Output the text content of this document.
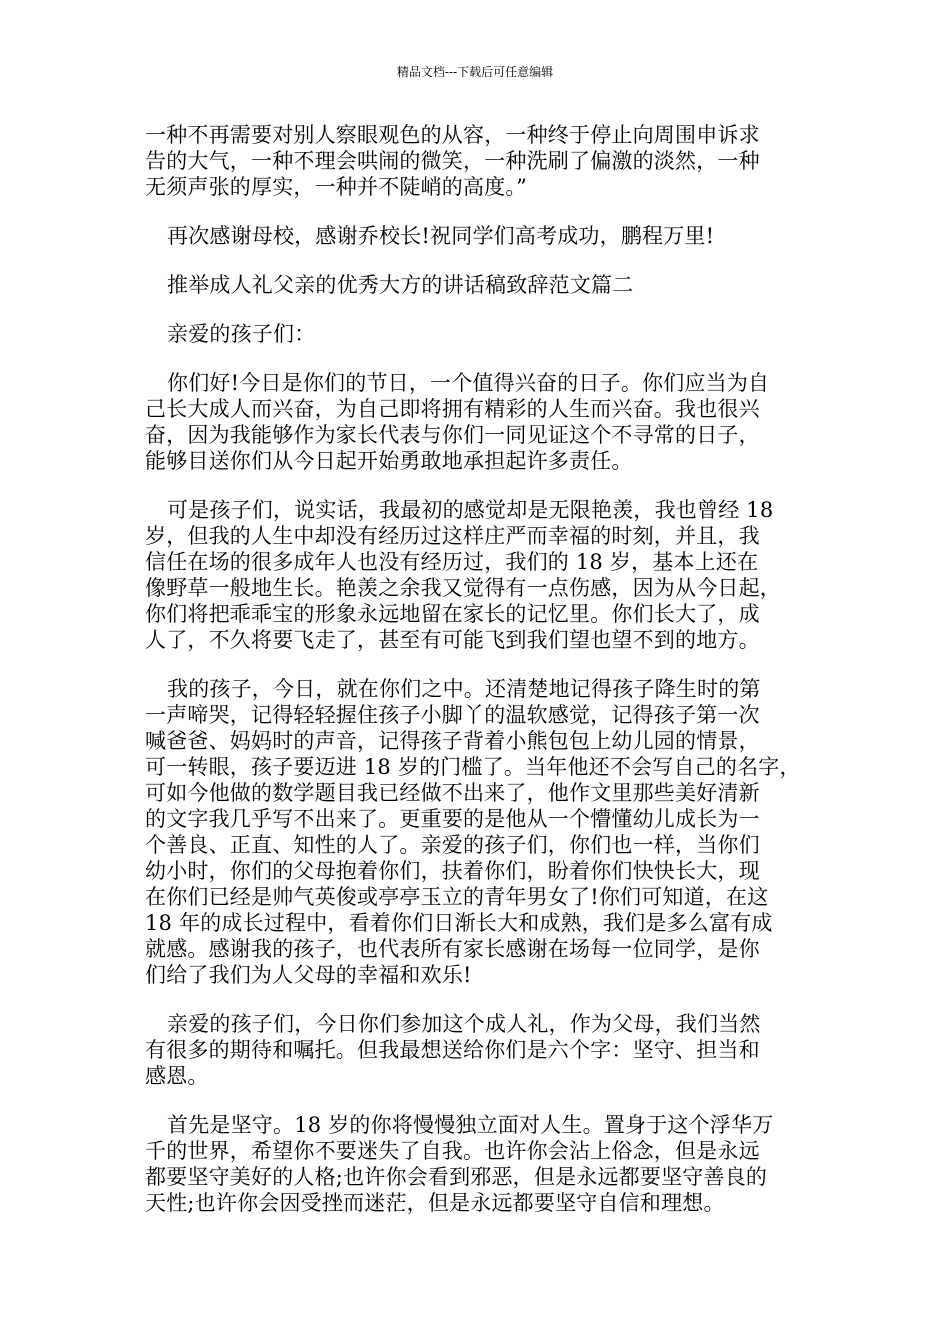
精品文档---下载后可任意编辑
一种不再需要对别人察眼观色的从容，一种终于停止向周围申诉求
告的大气，一种不理会哄闹的微笑，一种洗刷了偏激的淡然，一种
无须声张的厚实，一种并不陡峭的高度。”
再次感谢母校，感谢乔校长!祝同学们高考成功，鹏程万里!
推举成人礼父亲的优秀大方的讲话稿致辞范文篇二
亲爱的孩子们：
你们好!今日是你们的节日，一个值得兴奋的日子。你们应当为自
己长大成人而兴奋，为自己即将拥有精彩的人生而兴奋。我也很兴
奋，因为我能够作为家长代表与你们一同见证这个不寻常的日子，
能够目送你们从今日起开始勇敢地承担起许多责任。
可是孩子们，说实话，我最初的感觉却是无限艳羡，我也曾经 18
岁，但我的人生中却没有经历过这样庄严而幸福的时刻，并且，我
信任在场的很多成年人也没有经历过，我们的 18 岁，基本上还在
像野草一般地生长。艳羡之余我又觉得有一点伤感，因为从今日起，
你们将把乖乖宝的形象永远地留在家长的记忆里。你们长大了，成
人了，不久将要飞走了，甚至有可能飞到我们望也望不到的地方。
我的孩子，今日，就在你们之中。还清楚地记得孩子降生时的第
一声啼哭，记得轻轻握住孩子小脚丫的温软感觉，记得孩子第一次
喊爸爸、妈妈时的声音，记得孩子背着小熊包包上幼儿园的情景，
可一转眼，孩子要迈进 18 岁的门槛了。当年他还不会写自己的名字，
可如今他做的数学题目我已经做不出来了，他作文里那些美好清新
的文字我几乎写不出来了。更重要的是他从一个懵懂幼儿成长为一
个善良、正直、知性的人了。亲爱的孩子们，你们也一样，当你们
幼小时，你们的父母抱着你们，扶着你们，盼着你们快快长大，现
在你们已经是帅气英俊或亭亭玉立的青年男女了!你们可知道，在这
18 年的成长过程中，看着你们日渐长大和成熟，我们是多么富有成
就感。感谢我的孩子，也代表所有家长感谢在场每一位同学，是你
们给了我们为人父母的幸福和欢乐!
亲爱的孩子们，今日你们参加这个成人礼，作为父母，我们当然
有很多的期待和嘱托。但我最想送给你们是六个字：坚守、担当和
感恩。
首先是坚守。18 岁的你将慢慢独立面对人生。置身于这个浮华万
千的世界，希望你不要迷失了自我。也许你会沾上俗念，但是永远
都要坚守美好的人格;也许你会看到邪恶，但是永远都要坚守善良的
天性;也许你会因受挫而迷茫，但是永远都要坚守自信和理想。
